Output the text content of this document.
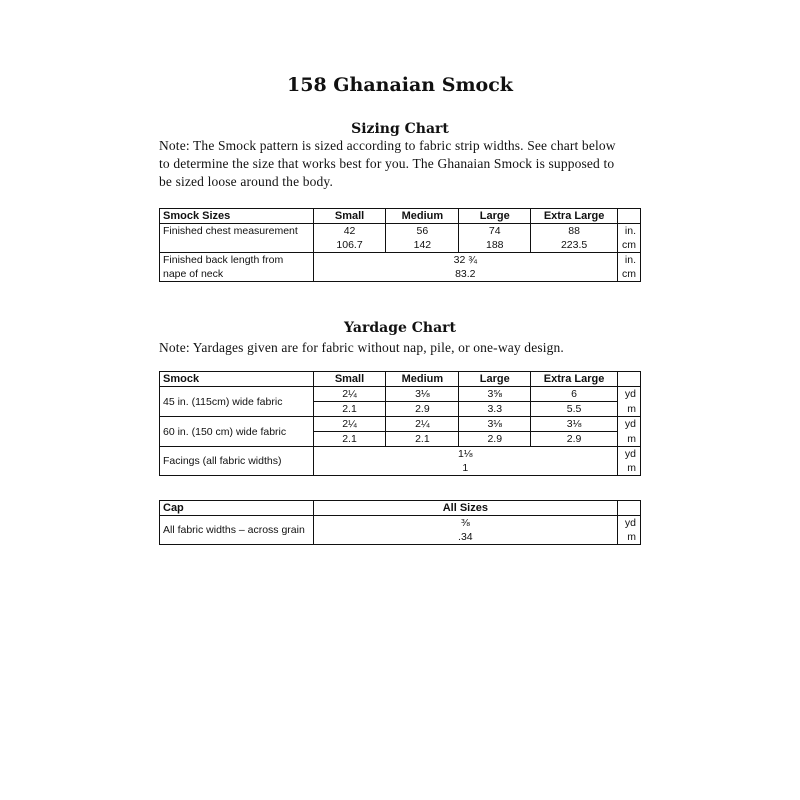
158 Ghanaian Smock
Sizing Chart

Note: The Smock pattern is sized according to fabric strip widths. See chart below
to determine the size that works best for you. The Ghanaian Smock is supposed to
be sized loose around the body.

Smock Sizes	Small	Medium	Large	Extra Large	
Finished chest measurement	42	56	74	88	in.
	106.7	142	188	223.5	cm
Finished back length from	32 ¾				in.
nape of neck	83.2				cm
Yardage Chart

Note: Yardages given are for fabric without nap, pile, or one-way design.

Smock	Small	Medium	Large	Extra Large	
45 in. (115cm) wide fabric	2¼	3⅛	3⅝	6	yd
	2.1	2.9	3.3	5.5	m
60 in. (150 cm) wide fabric	2¼	2¼	3⅛	3⅛	yd
	2.1	2.1	2.9	2.9	m
Facings (all fabric widths)	1⅛				yd
	1				m
Cap	All Sizes	
All fabric widths – across grain	⅜	yd
	.34	m
